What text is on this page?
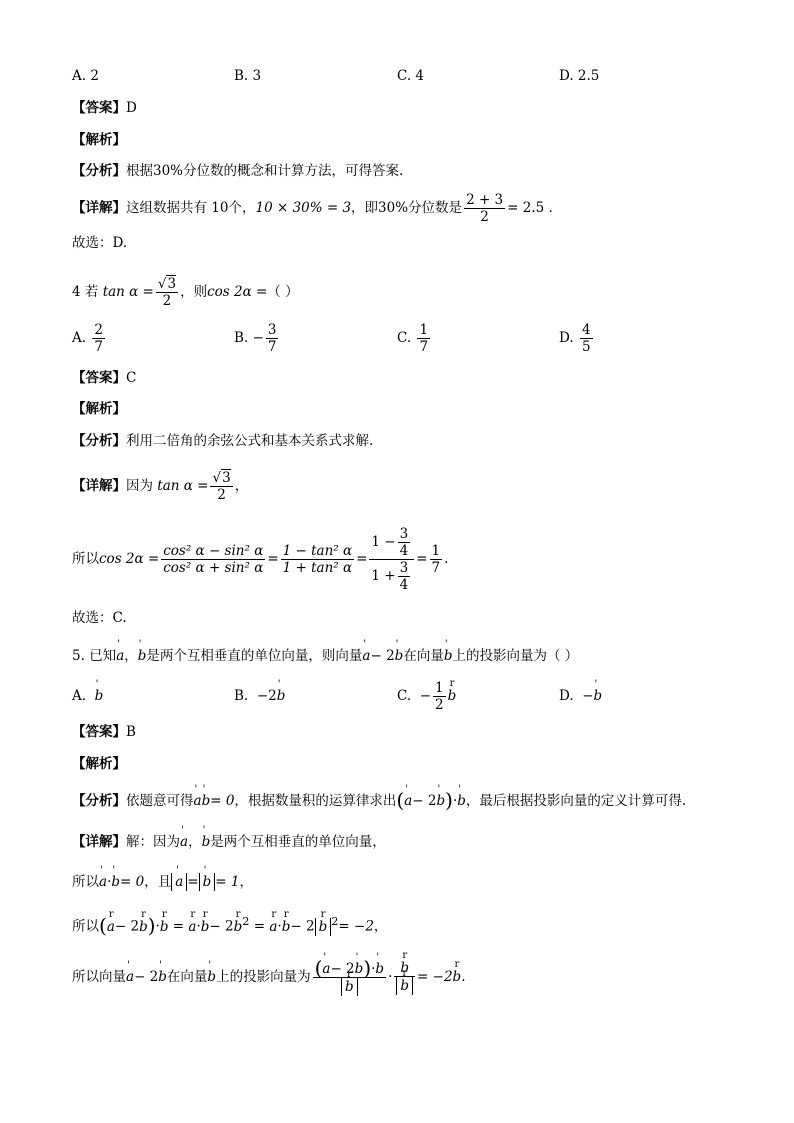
A. 2	B. 3	C. 4	D. 2.5
【答案】D
【解析】
【分析】根据30%分位数的概念和计算方法，可得答案.
【详解】这组数据共有 10个，10 × 30% = 3，即30%分位数是 $\frac{2 + 3}{2} = 2.5$ .
故选：D.
4 若 $\tan \alpha = \frac{√3}{2}$ ，则cos 2α =（ ）
A. $\frac{2}{7}$	B. − $\frac{3}{7}$	C. $\frac{1}{7}$	D. $\frac{4}{5}$
【答案】C
【解析】
【分析】利用二倍角的余弦公式和基本关系式求解.
【详解】因为 $\tan \alpha = \frac{√3}{2}$ ，
所以$\cos 2\alpha = \frac{\text{cos² α − sin² α}}{\text{cos² α + sin² α}} = \frac{\text{1 − tan² α}}{\text{1 + tan² α}} = \frac{1 - \frac{3}{4}}{1 + \frac{3}{4}} = \frac{1}{7}$ .
故选：C.
5. 已知' a，' b是两个互相垂直的单位向量，则向量' a− 2' b在向量' b上的投影向量为（ ）
A. ' b	B. −2' b	C. − $\frac{1}{2}$ r b	D. −' b
【答案】B
【解析】
【分析】依题意可得' a' b= 0，根据数量积的运算律求出(' a− 2' b)·' b，最后根据投影向量的定义计算可得.
【详解】解：因为' a，' b是两个互相垂直的单位向量，
所以' a·' b= 0，且 ' a = ' b = 1，
所以(r a− 2r b)·r b = r a·r b− 2r $b^2 = r$ a·r b− 2 r b $^2$= −2，
所以向量' a− 2' b在向量' b上的投影向量为 (' a− 2' b)·' b
r b · r b
r b = −2r b.
